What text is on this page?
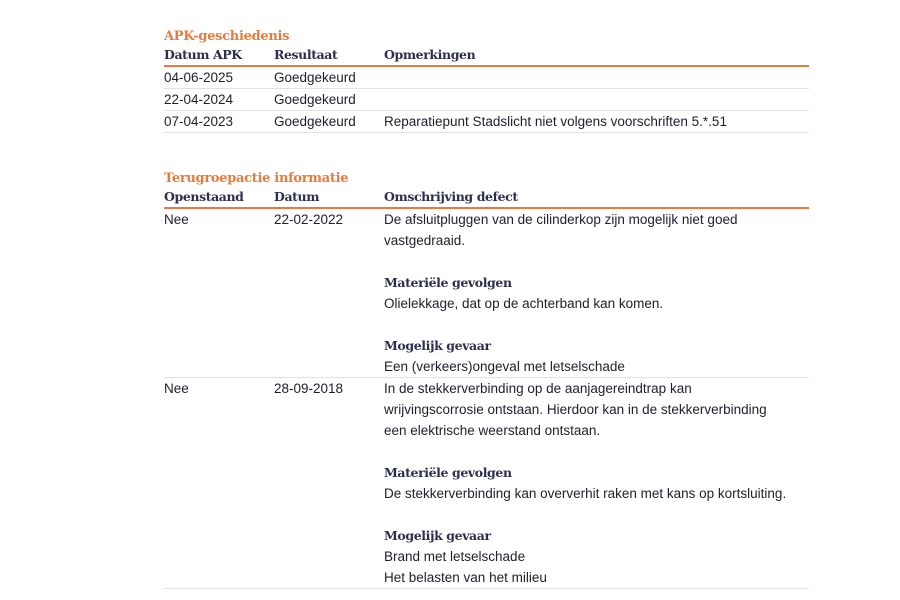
APK-geschiedenis
Datum APK	Resultaat	Opmerkingen
04-06-2025	Goedgekeurd
22-04-2024	Goedgekeurd
07-04-2023	Goedgekeurd	Reparatiepunt Stadslicht niet volgens voorschriften 5.*.51
Terugroepactie informatie
Openstaand	Datum	Omschrijving defect
Nee	22-02-2022	De afsluitpluggen van de cilinderkop zijn mogelijk niet goed
vastgedraaid.
Materiële gevolgen
Olielekkage, dat op de achterband kan komen.
Mogelijk gevaar
Een (verkeers)ongeval met letselschade
Nee	28-09-2018	In de stekkerverbinding op de aanjagereindtrap kan
wrijvingscorrosie ontstaan. Hierdoor kan in de stekkerverbinding
een elektrische weerstand ontstaan.
Materiële gevolgen
De stekkerverbinding kan oververhit raken met kans op kortsluiting.
Mogelijk gevaar
Brand met letselschade
Het belasten van het milieu
